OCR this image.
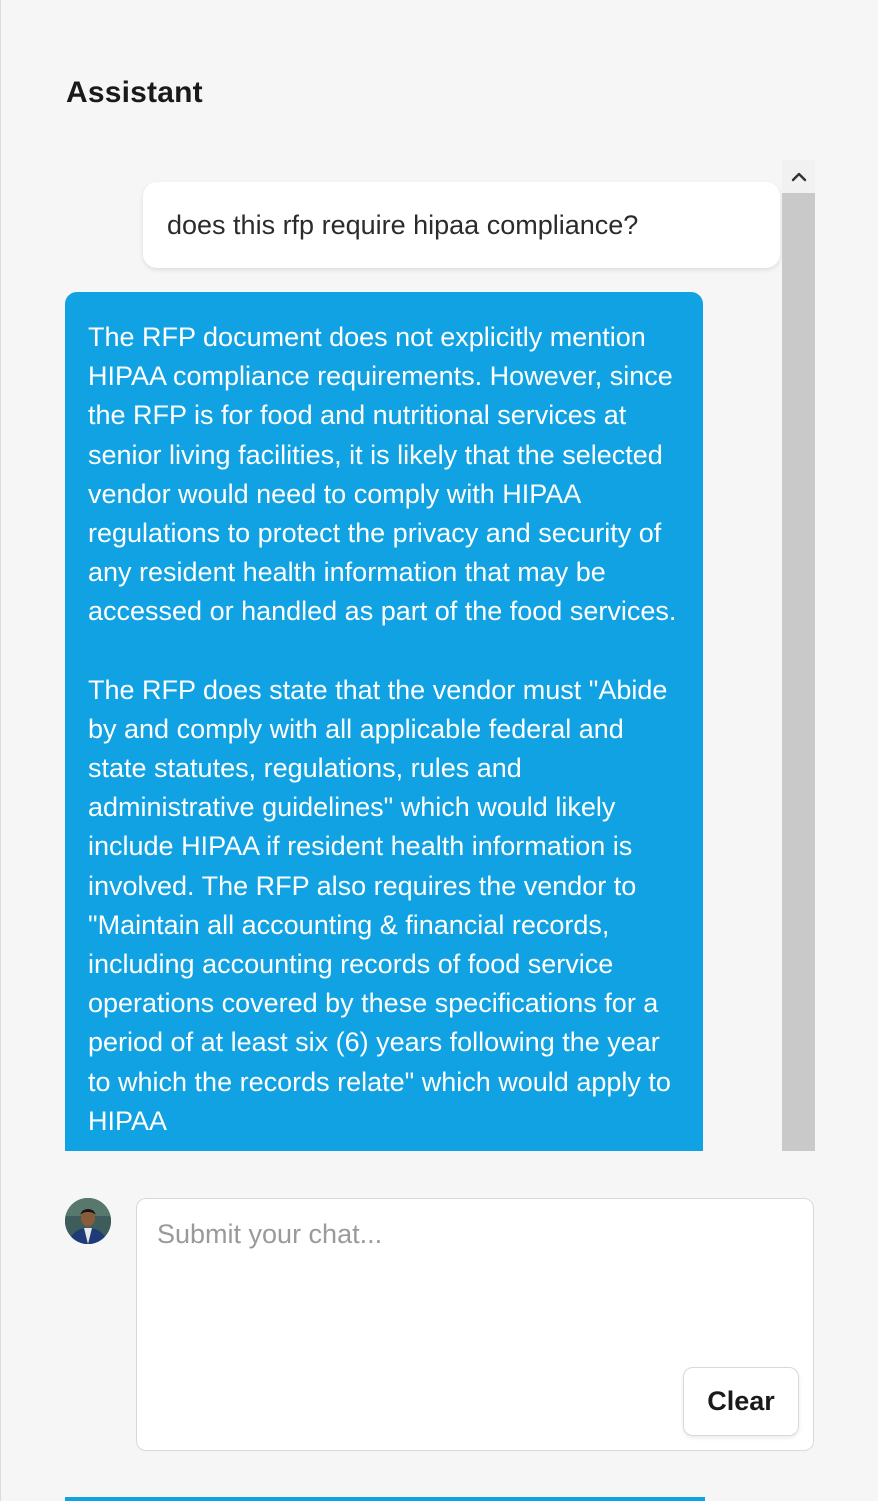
Assistant
does this rfp require hipaa compliance?

The RFP document does not explicitly mention HIPAA compliance requirements. However, since the RFP is for food and nutritional services at senior living facilities, it is likely that the selected vendor would need to comply with HIPAA regulations to protect the privacy and security of any resident health information that may be accessed or handled as part of the food services.

The RFP does state that the vendor must "Abide by and comply with all applicable federal and state statutes, regulations, rules and administrative guidelines" which would likely include HIPAA if resident health information is involved. The RFP also requires the vendor to "Maintain all accounting & financial records, including accounting records of food service operations covered by these specifications for a period of at least six (6) years following the year to which the records relate" which would apply to HIPAA

Submit your chat...
Clear
